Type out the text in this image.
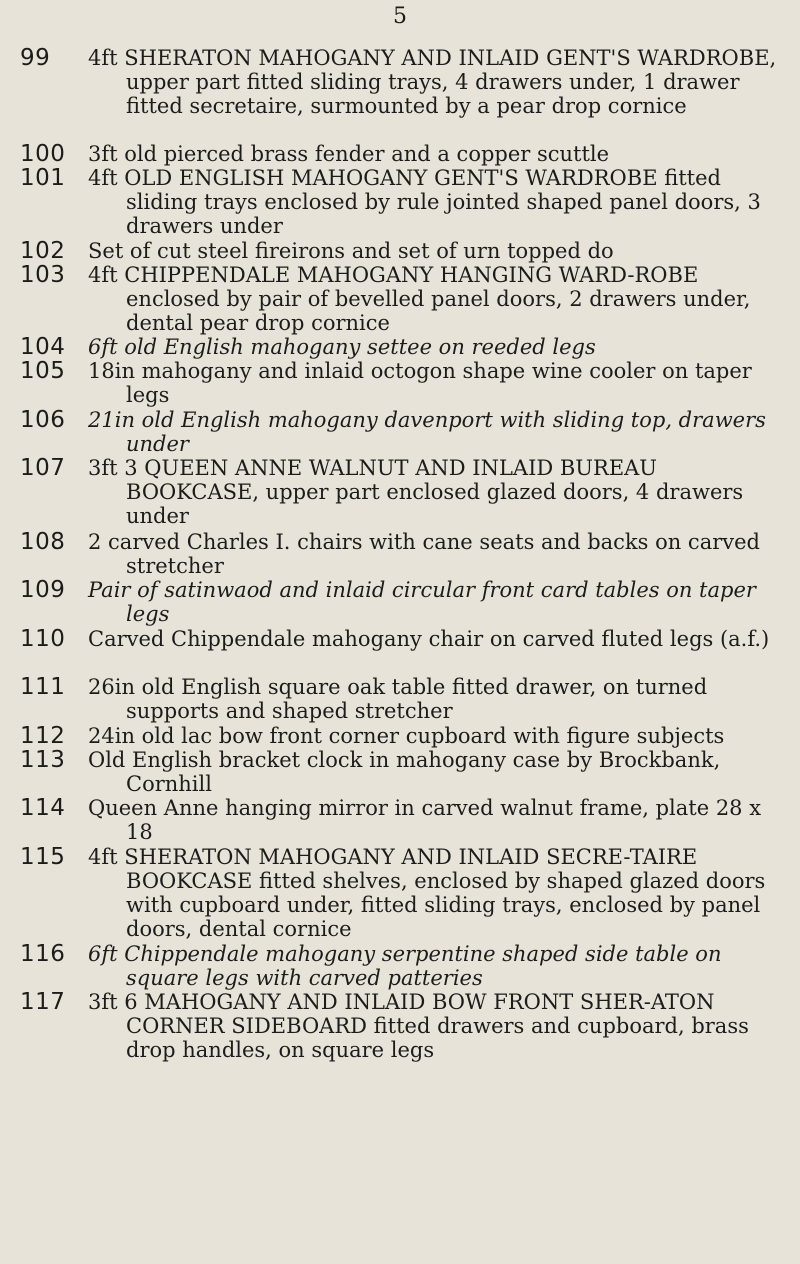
5
99	4ft SHERATON MAHOGANY AND INLAID GENT'S WARDROBE, upper part fitted sliding trays, 4 drawers under, 1 drawer fitted secretaire, surmounted by a pear drop cornice
100	3ft old pierced brass fender and a copper scuttle
101	4ft OLD ENGLISH MAHOGANY GENT'S WARDROBE fitted sliding trays enclosed by rule jointed shaped panel doors, 3 drawers under
102	Set of cut steel fireirons and set of urn topped do
103	4ft CHIPPENDALE MAHOGANY HANGING WARD-ROBE enclosed by pair of bevelled panel doors, 2 drawers under, dental pear drop cornice
104	6ft old English mahogany settee on reeded legs
105	18in mahogany and inlaid octogon shape wine cooler on taper legs
106	21in old English mahogany davenport with sliding top, drawers under
107	3ft 3 QUEEN ANNE WALNUT AND INLAID BUREAU BOOKCASE, upper part enclosed glazed doors, 4 drawers under
108	2 carved Charles I. chairs with cane seats and backs on carved stretcher
109	Pair of satinwaod and inlaid circular front card tables on taper legs
110	Carved Chippendale mahogany chair on carved fluted legs (a.f.)
111	26in old English square oak table fitted drawer, on turned supports and shaped stretcher
112	24in old lac bow front corner cupboard with figure subjects
113	Old English bracket clock in mahogany case by Brockbank, Cornhill
114	Queen Anne hanging mirror in carved walnut frame, plate 28 x 18
115	4ft SHERATON MAHOGANY AND INLAID SECRE-TAIRE BOOKCASE fitted shelves, enclosed by shaped glazed doors with cupboard under, fitted sliding trays, enclosed by panel doors, dental cornice
116	6ft Chippendale mahogany serpentine shaped side table on square legs with carved patteries
117	3ft 6 MAHOGANY AND INLAID BOW FRONT SHER-ATON CORNER SIDEBOARD fitted drawers and cupboard, brass drop handles, on square legs
